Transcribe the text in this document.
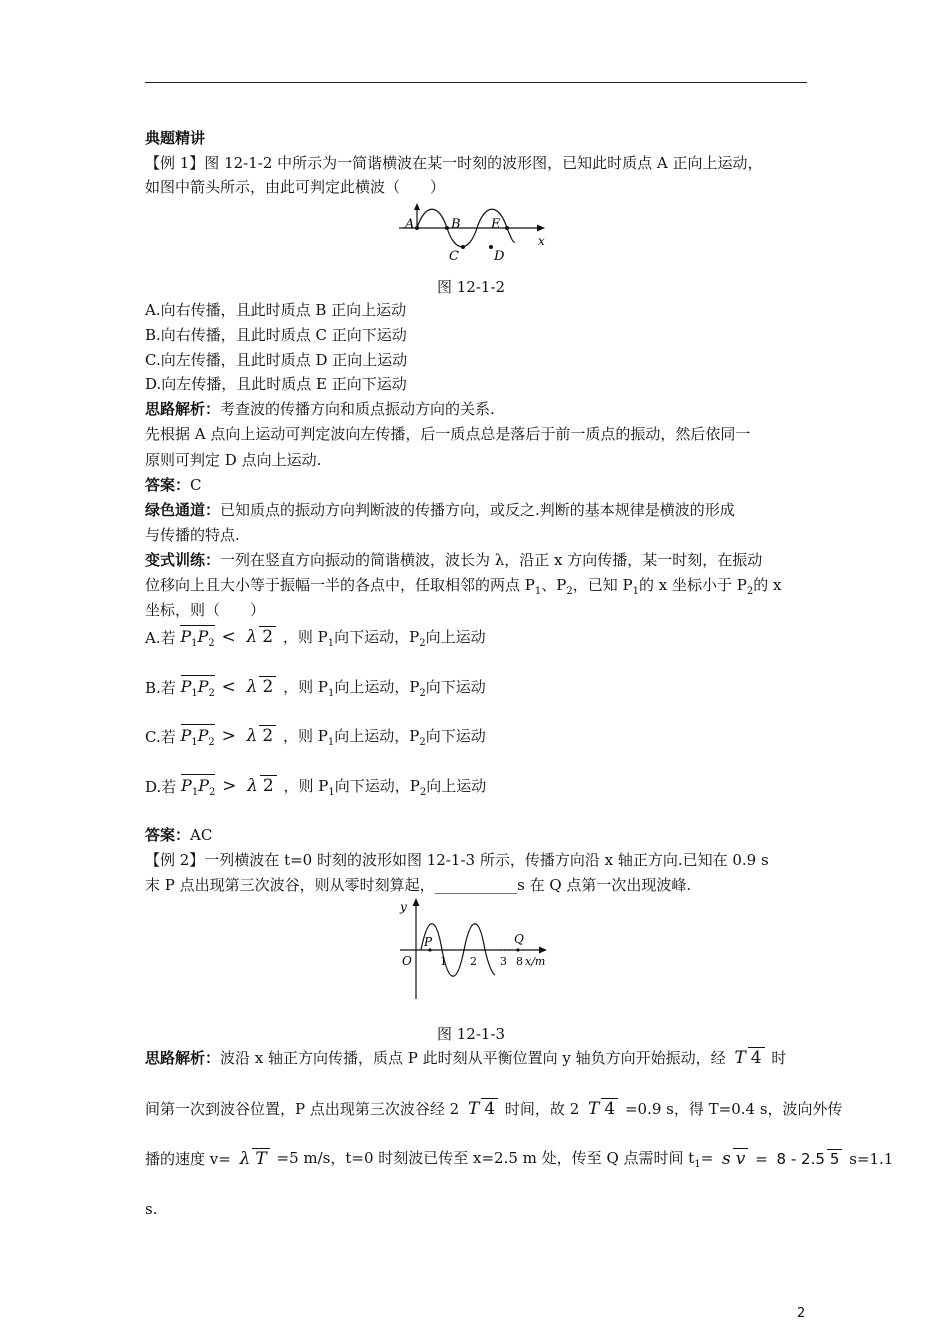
典题精讲
【例 1】图 12-1-2 中所示为一简谐横波在某一时刻的波形图，已知此时质点 A 正向上运动，
如图中箭头所示，由此可判定此横波（　　）
A	B
C	D
E
x
图 12-1-2
A.向右传播，且此时质点 B 正向上运动
B.向右传播，且此时质点 C 正向下运动
C.向左传播，且此时质点 D 正向上运动
D.向左传播，且此时质点 E 正向下运动
思路解析：考查波的传播方向和质点振动方向的关系.
先根据 A 点向上运动可判定波向左传播，后一质点总是落后于前一质点的振动，然后依同一
原则可判定 D 点向上运动.
答案：C
绿色通道：已知质点的振动方向判断波的传播方向，或反之.判断的基本规律是横波的形成
与传播的特点.
变式训练：一列在竖直方向振动的简谐横波，波长为 λ，沿正 x 方向传播，某一时刻，在振动
位移向上且大小等于振幅一半的各点中，任取相邻的两点 $P_1$、$P_2$，已知 $P_1$的 x 坐标小于 $P_2$的 x
坐标，则（　　）
A.若 $P_1P_2 < \lambda$ 2 ，则 $P_1$向下运动，$P_2$向上运动
B.若 $P_1P_2 < \lambda$ 2 ，则 $P_1$向上运动，$P_2$向下运动
C.若 $P_1P_2 > \lambda$ 2 ，则 $P_1$向上运动，$P_2$向下运动
D.若 $P_1P_2 > \lambda$ 2 ，则 $P_1$向下运动，$P_2$向上运动
答案：AC
【例 2】一列横波在 t=0 时刻的波形如图 12-1-3 所示，传播方向沿 x 轴正方向.已知在 0.9 s
末 P 点出现第三次波谷，则从零时刻算起，___________s 在 Q 点第一次出现波峰.
y
O
P	Q
1 2 3 8 x/m
图 12-1-3
思路解析：波沿 x 轴正方向传播，质点 P 此时刻从平衡位置向 y 轴负方向开始振动，经 T 4 时
间第一次到波谷位置，P 点出现第三次波谷经 2 T 4 时间，故 2 T 4 =0.9 s，得 T=0.4 s，波向外传
播的速度 v= λ T =5 m/s，t=0 时刻波已传至 x=2.5 m 处，传至 Q 点需时间 $t_1= s$ v = 8 - 2.5 5 s=1.1
s.
2
